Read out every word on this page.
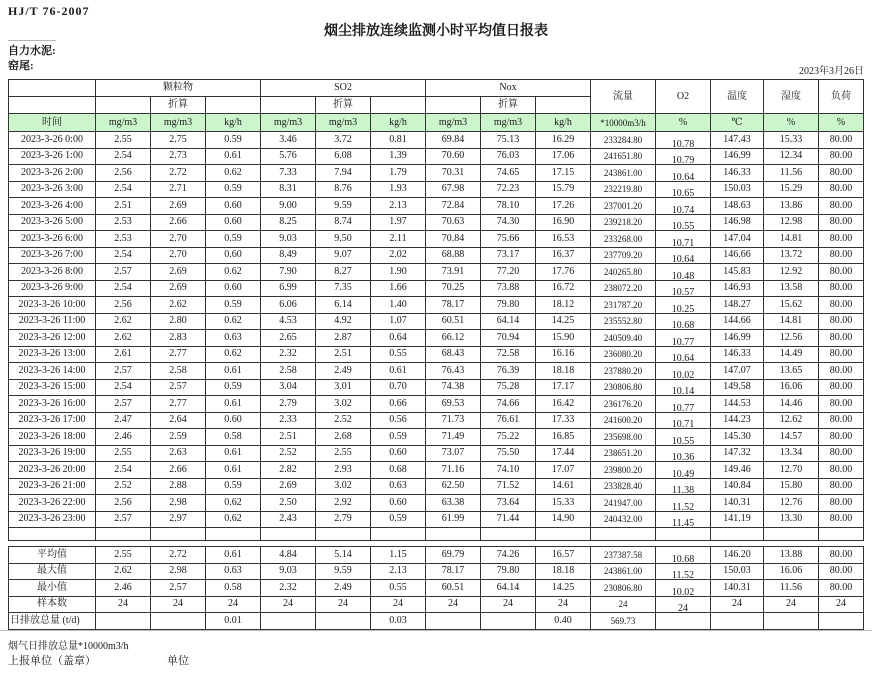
HJ/T 76-2007
烟尘排放连续监测小时平均值日报表
自力水泥:
窑尾:	2023年3月26日
	颗粒物			SO2			Nox			流量	O2	温度	湿度	负荷
		折算			折算			折算						
时间	mg/m3	mg/m3	kg/h	mg/m3	mg/m3	kg/h	mg/m3	mg/m3	kg/h	*10000m3/h	%	℃	%	%
2023-3-26 0:00	2.55	2.75	0.59	3.46	3.72	0.81	69.84	75.13	16.29	233284.80	10.78	147.43	15.33	80.00
2023-3-26 1:00	2.54	2.73	0.61	5.76	6.08	1.39	70.60	76.03	17.06	241651.80	10.79	146.99	12.34	80.00
2023-3-26 2:00	2.56	2.72	0.62	7.33	7.94	1.79	70.31	74.65	17.15	243861.00	10.64	146.33	11.56	80.00
2023-3-26 3:00	2.54	2.71	0.59	8.31	8.76	1.93	67.98	72.23	15.79	232219.80	10.65	150.03	15.29	80.00
2023-3-26 4:00	2.51	2.69	0.60	9.00	9.59	2.13	72.84	78.10	17.26	237001.20	10.74	148.63	13.86	80.00
2023-3-26 5:00	2.53	2.66	0.60	8.25	8.74	1.97	70.63	74.30	16.90	239218.20	10.55	146.98	12.98	80.00
2023-3-26 6:00	2.53	2.70	0.59	9.03	9.50	2.11	70.84	75.66	16.53	233268.00	10.71	147.04	14.81	80.00
2023-3-26 7:00	2.54	2.70	0.60	8.49	9.07	2.02	68.88	73.17	16.37	237709.20	10.64	146.66	13.72	80.00
2023-3-26 8:00	2.57	2.69	0.62	7.90	8.27	1.90	73.91	77.20	17.76	240265.80	10.48	145.83	12.92	80.00
2023-3-26 9:00	2.54	2.69	0.60	6.99	7.35	1.66	70.25	73.88	16.72	238072.20	10.57	146.93	13.58	80.00
2023-3-26 10:00	2.56	2.62	0.59	6.06	6.14	1.40	78.17	79.80	18.12	231787.20	10.25	148.27	15.62	80.00
2023-3-26 11:00	2.62	2.80	0.62	4.53	4.92	1.07	60.51	64.14	14.25	235552.80	10.68	144.66	14.81	80.00
2023-3-26 12:00	2.62	2.83	0.63	2.65	2.87	0.64	66.12	70.94	15.90	240509.40	10.77	146.99	12.56	80.00
2023-3-26 13:00	2.61	2.77	0.62	2.32	2.51	0.55	68.43	72.58	16.16	236080.20	10.64	146.33	14.49	80.00
2023-3-26 14:00	2.57	2.58	0.61	2.58	2.49	0.61	76.43	76.39	18.18	237880.20	10.02	147.07	13.65	80.00
2023-3-26 15:00	2.54	2.57	0.59	3.04	3.01	0.70	74.38	75.28	17.17	230806.80	10.14	149.58	16.06	80.00
2023-3-26 16:00	2.57	2.77	0.61	2.79	3.02	0.66	69.53	74.66	16.42	236176.20	10.77	144.53	14.46	80.00
2023-3-26 17:00	2.47	2.64	0.60	2.33	2.52	0.56	71.73	76.61	17.33	241600.20	10.71	144.23	12.62	80.00
2023-3-26 18:00	2.46	2.59	0.58	2.51	2.68	0.59	71.49	75.22	16.85	235698.00	10.55	145.30	14.57	80.00
2023-3-26 19:00	2.55	2.63	0.61	2.52	2.55	0.60	73.07	75.50	17.44	238651.20	10.36	147.32	13.34	80.00
2023-3-26 20:00	2.54	2.66	0.61	2.82	2.93	0.68	71.16	74.10	17.07	239800.20	10.49	149.46	12.70	80.00
2023-3-26 21:00	2.52	2.88	0.59	2.69	3.02	0.63	62.50	71.52	14.61	233828.40	11.38	140.84	15.80	80.00
2023-3-26 22:00	2.56	2.98	0.62	2.50	2.92	0.60	63.38	73.64	15.33	241947.00	11.52	140.31	12.76	80.00
2023-3-26 23:00	2.57	2.97	0.62	2.43	2.79	0.59	61.99	71.44	14.90	240432.00	11.45	141.19	13.30	80.00

平均值	2.55	2.72	0.61	4.84	5.14	1.15	69.79	74.26	16.57	237387.58	10.68	146.20	13.88	80.00
最大值	2.62	2.98	0.63	9.03	9.59	2.13	78.17	79.80	18.18	243861.00	11.52	150.03	16.06	80.00
最小值	2.46	2.57	0.58	2.32	2.49	0.55	60.51	64.14	14.25	230806.80	10.02	140.31	11.56	80.00
样本数	24	24	24	24	24	24	24	24	24	24	24	24	24	24
日排放总量 (t/d)			0.01			0.03			0.40	569.73				
烟气日排放总量*10000m3/h
上报单位（盖章）	单位
